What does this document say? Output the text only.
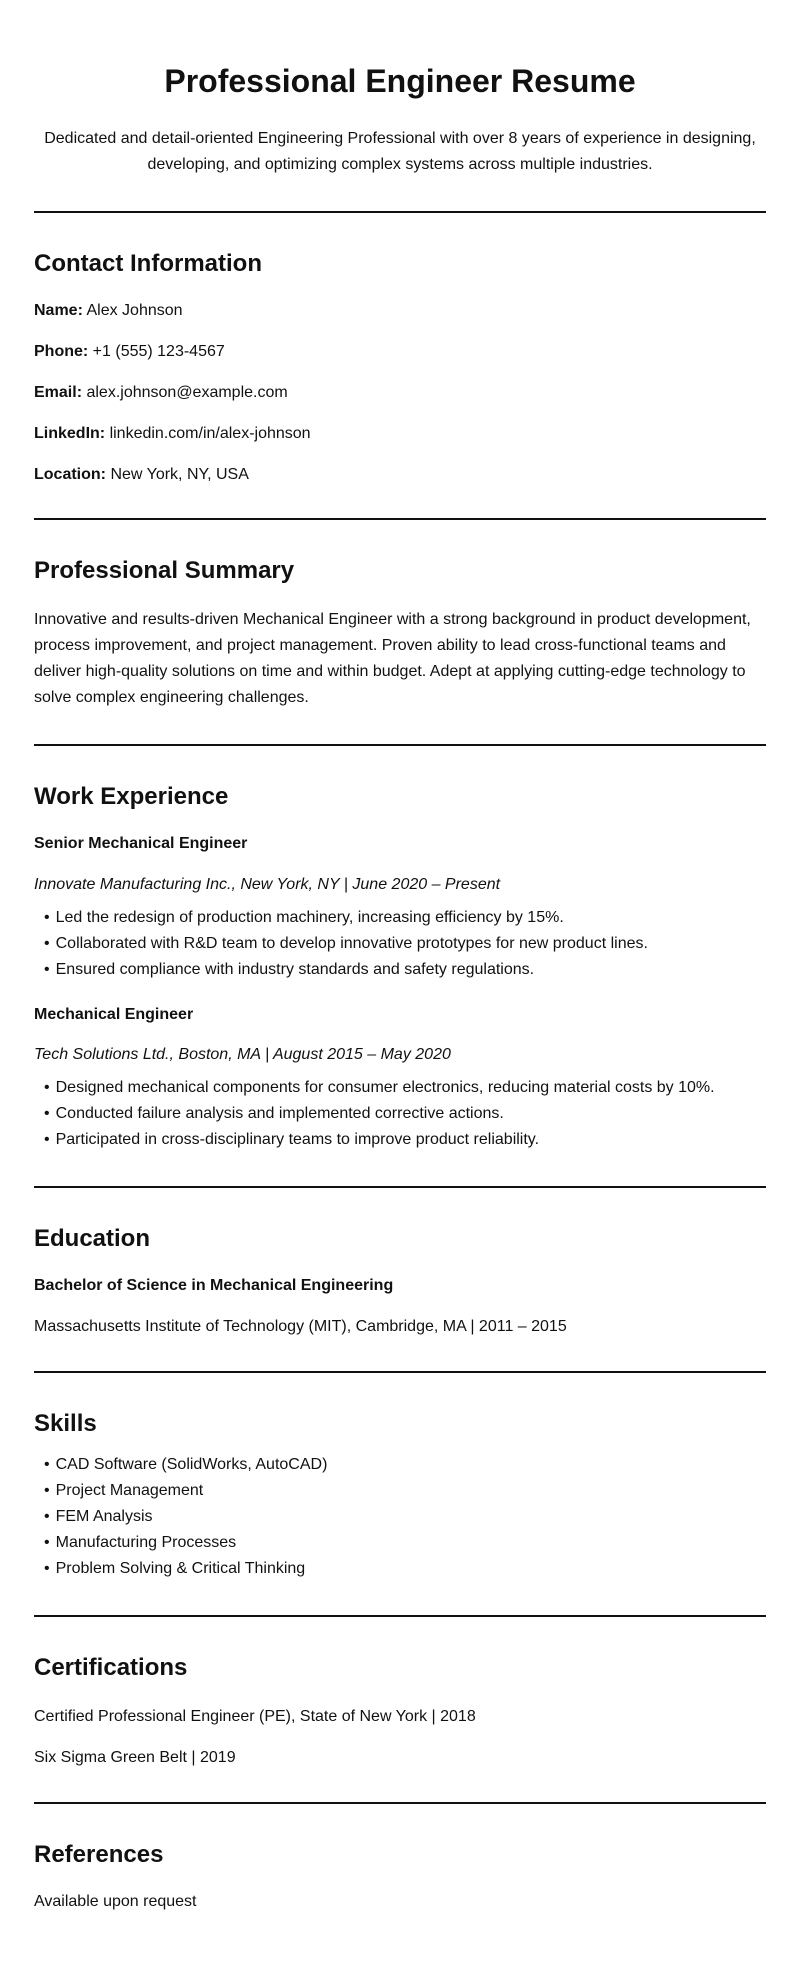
Professional Engineer Resume

Dedicated and detail-oriented Engineering Professional with over 8 years of experience in designing, developing, and optimizing complex systems across multiple industries.

Contact Information
Name: Alex Johnson
Phone: +1 (555) 123-4567
Email: alex.johnson@example.com
LinkedIn: linkedin.com/in/alex-johnson
Location: New York, NY, USA
Professional Summary

Innovative and results-driven Mechanical Engineer with a strong background in product development, process improvement, and project management. Proven ability to lead cross-functional teams and deliver high-quality solutions on time and within budget. Adept at applying cutting-edge technology to solve complex engineering challenges.

Work Experience
Senior Mechanical Engineer
Innovate Manufacturing Inc., New York, NY | June 2020 – Present
• Led the redesign of production machinery, increasing efficiency by 15%.
• Collaborated with R&D team to develop innovative prototypes for new product lines.
• Ensured compliance with industry standards and safety regulations.
Mechanical Engineer
Tech Solutions Ltd., Boston, MA | August 2015 – May 2020
• Designed mechanical components for consumer electronics, reducing material costs by 10%.
• Conducted failure analysis and implemented corrective actions.
• Participated in cross-disciplinary teams to improve product reliability.
Education
Bachelor of Science in Mechanical Engineering
Massachusetts Institute of Technology (MIT), Cambridge, MA | 2011 – 2015
Skills
• CAD Software (SolidWorks, AutoCAD)
• Project Management
• FEM Analysis
• Manufacturing Processes
• Problem Solving & Critical Thinking
Certifications
Certified Professional Engineer (PE), State of New York | 2018
Six Sigma Green Belt | 2019
References
Available upon request
